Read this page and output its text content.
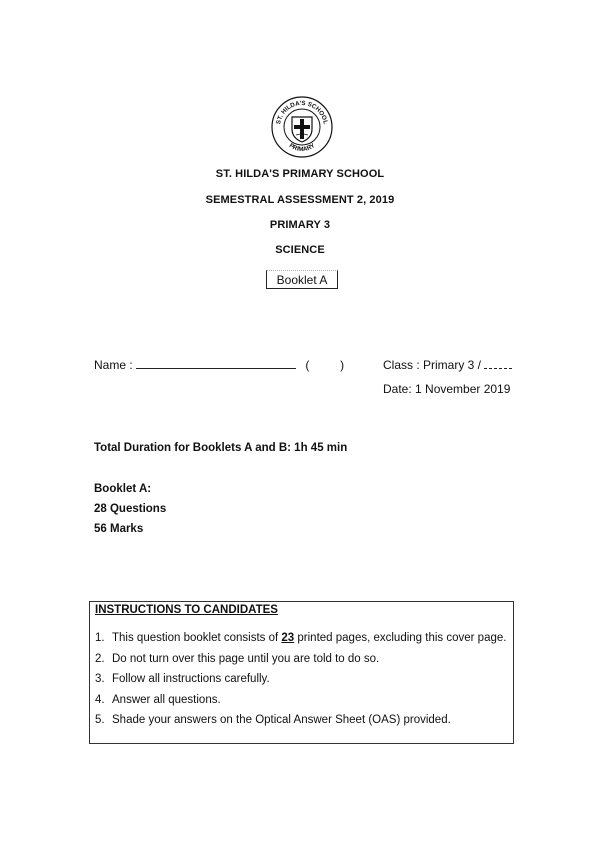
ST. HILDA'S SCHOOL
PRIMARY
ST. HILDA'S PRIMARY SCHOOL
SEMESTRAL ASSESSMENT 2, 2019
PRIMARY 3
SCIENCE
Booklet A
Name :	(	)	Class : Primary 3 /
Date: 1 November 2019
Total Duration for Booklets A and B: 1h 45 min
Booklet A:
28 Questions
56 Marks
INSTRUCTIONS TO CANDIDATES
1. This question booklet consists of 23 printed pages, excluding this cover page.
2. Do not turn over this page until you are told to do so.
3. Follow all instructions carefully.
4. Answer all questions.
5. Shade your answers on the Optical Answer Sheet (OAS) provided.
